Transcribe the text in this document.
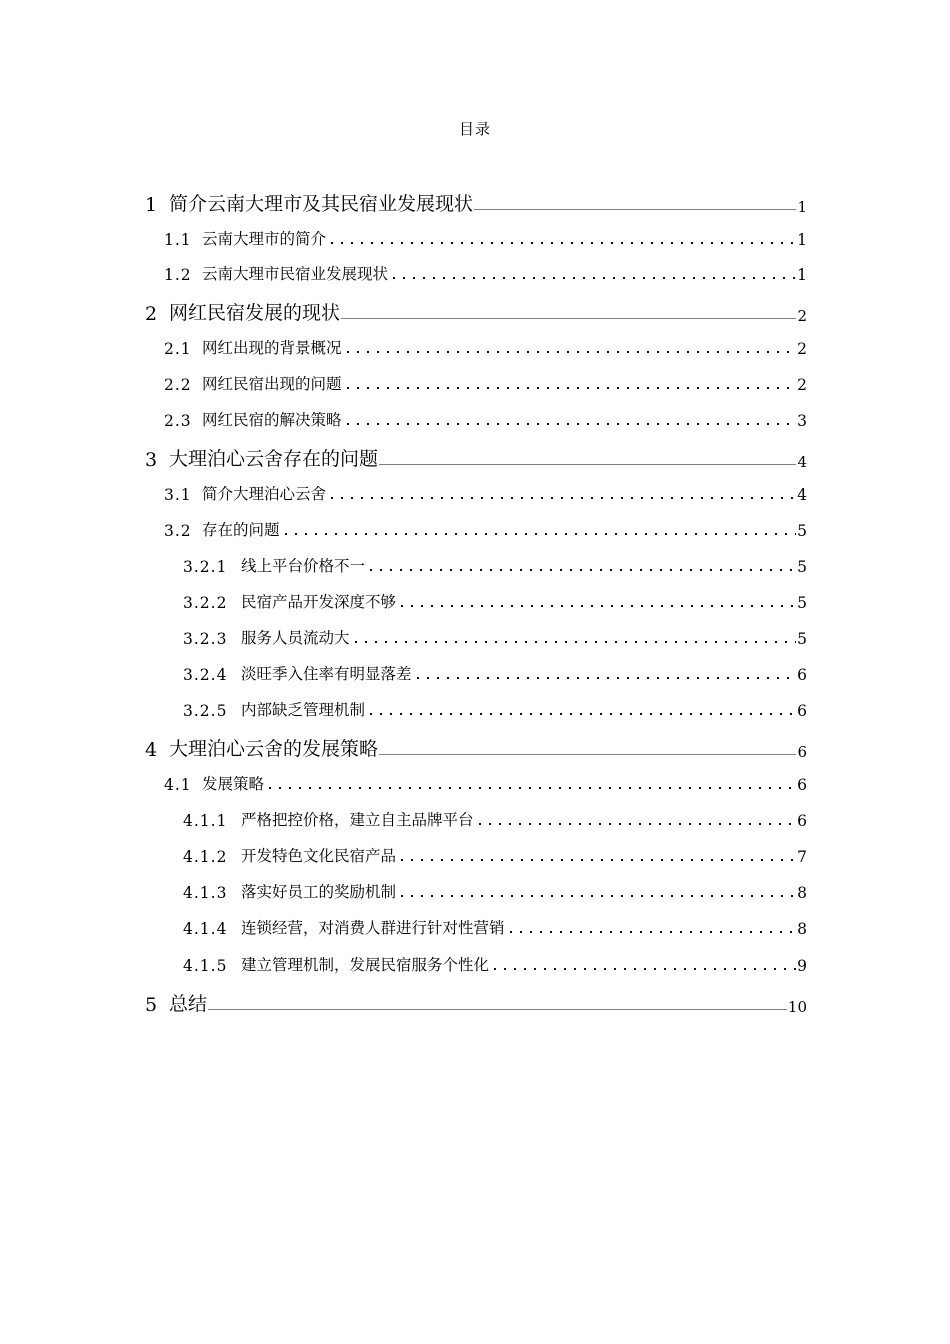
目录
1 简介云南大理市及其民宿业发展现状	1
1.1 云南大理市的简介	1
1.2 云南大理市民宿业发展现状	1
2 网红民宿发展的现状	2
2.1 网红出现的背景概况	2
2.2 网红民宿出现的问题	2
2.3 网红民宿的解决策略	3
3 大理泊心云舍存在的问题	4
3.1 简介大理泊心云舍	4
3.2 存在的问题	5
3.2.1 线上平台价格不一	5
3.2.2 民宿产品开发深度不够	5
3.2.3 服务人员流动大	5
3.2.4 淡旺季入住率有明显落差	6
3.2.5 内部缺乏管理机制	6
4 大理泊心云舍的发展策略	6
4.1 发展策略	6
4.1.1 严格把控价格，建立自主品牌平台	6
4.1.2 开发特色文化民宿产品	7
4.1.3 落实好员工的奖励机制	8
4.1.4 连锁经营，对消费人群进行针对性营销	8
4.1.5 建立管理机制，发展民宿服务个性化	9
5 总结	10
